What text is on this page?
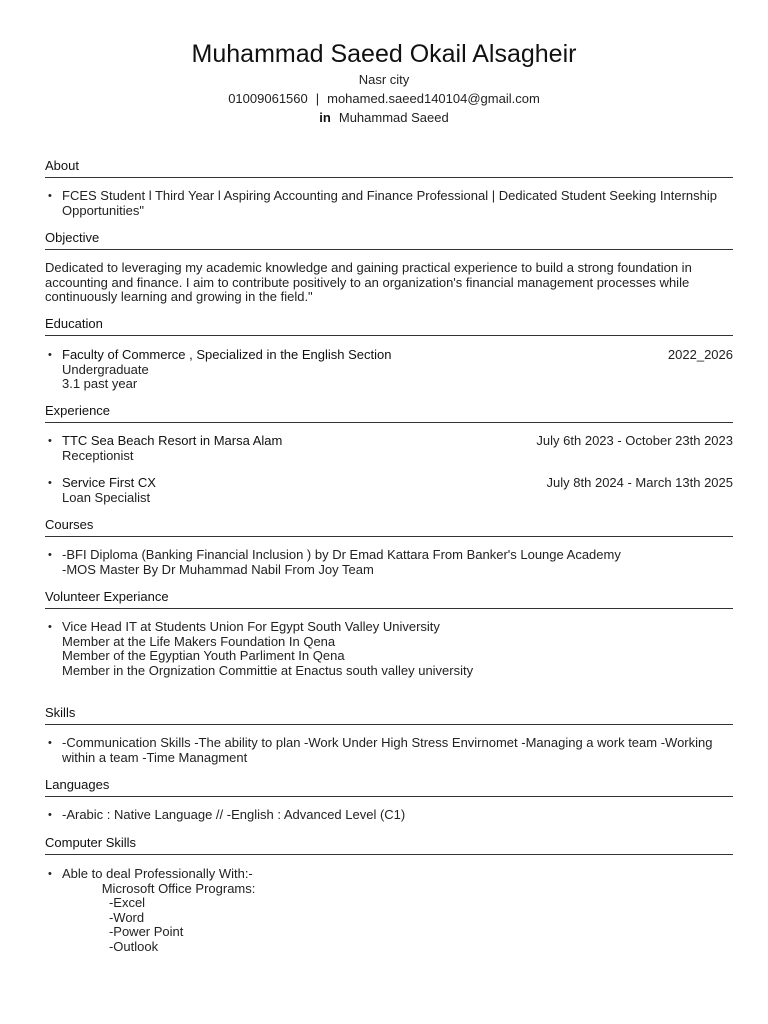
Muhammad Saeed Okail Alsagheir
Nasr city
01009061560 | mohamed.saeed140104@gmail.com
in Muhammad Saeed
About
• FCES Student l Third Year l Aspiring Accounting and Finance Professional | Dedicated Student Seeking Internship Opportunities"
Objective
Dedicated to leveraging my academic knowledge and gaining practical experience to build a strong foundation in accounting and finance. I aim to contribute positively to an organization's financial management processes while continuously learning and growing in the field."
Education
• Faculty of Commerce , Specialized in the English Section	2022_2026
Undergraduate
3.1 past year
Experience
• TTC Sea Beach Resort in Marsa Alam	July 6th 2023 - October 23th 2023
Receptionist
• Service First CX	July 8th 2024 - March 13th 2025
Loan Specialist
Courses
• -BFI Diploma (Banking Financial Inclusion ) by Dr Emad Kattara From Banker's Lounge Academy
-MOS Master By Dr Muhammad Nabil From Joy Team
Volunteer Experiance
• Vice Head IT at Students Union For Egypt South Valley University
Member at the Life Makers Foundation In Qena
Member of the Egyptian Youth Parliment In Qena
Member in the Orgnization Committie at Enactus south valley university
Skills
• -Communication Skills -The ability to plan -Work Under High Stress Envirnomet -Managing a work team -Working within a team -Time Managment
Languages
• -Arabic : Native Language // -English : Advanced Level (C1)
Computer Skills
• Able to deal Professionally With:-
Microsoft Office Programs:
-Excel
-Word
-Power Point
-Outlook
